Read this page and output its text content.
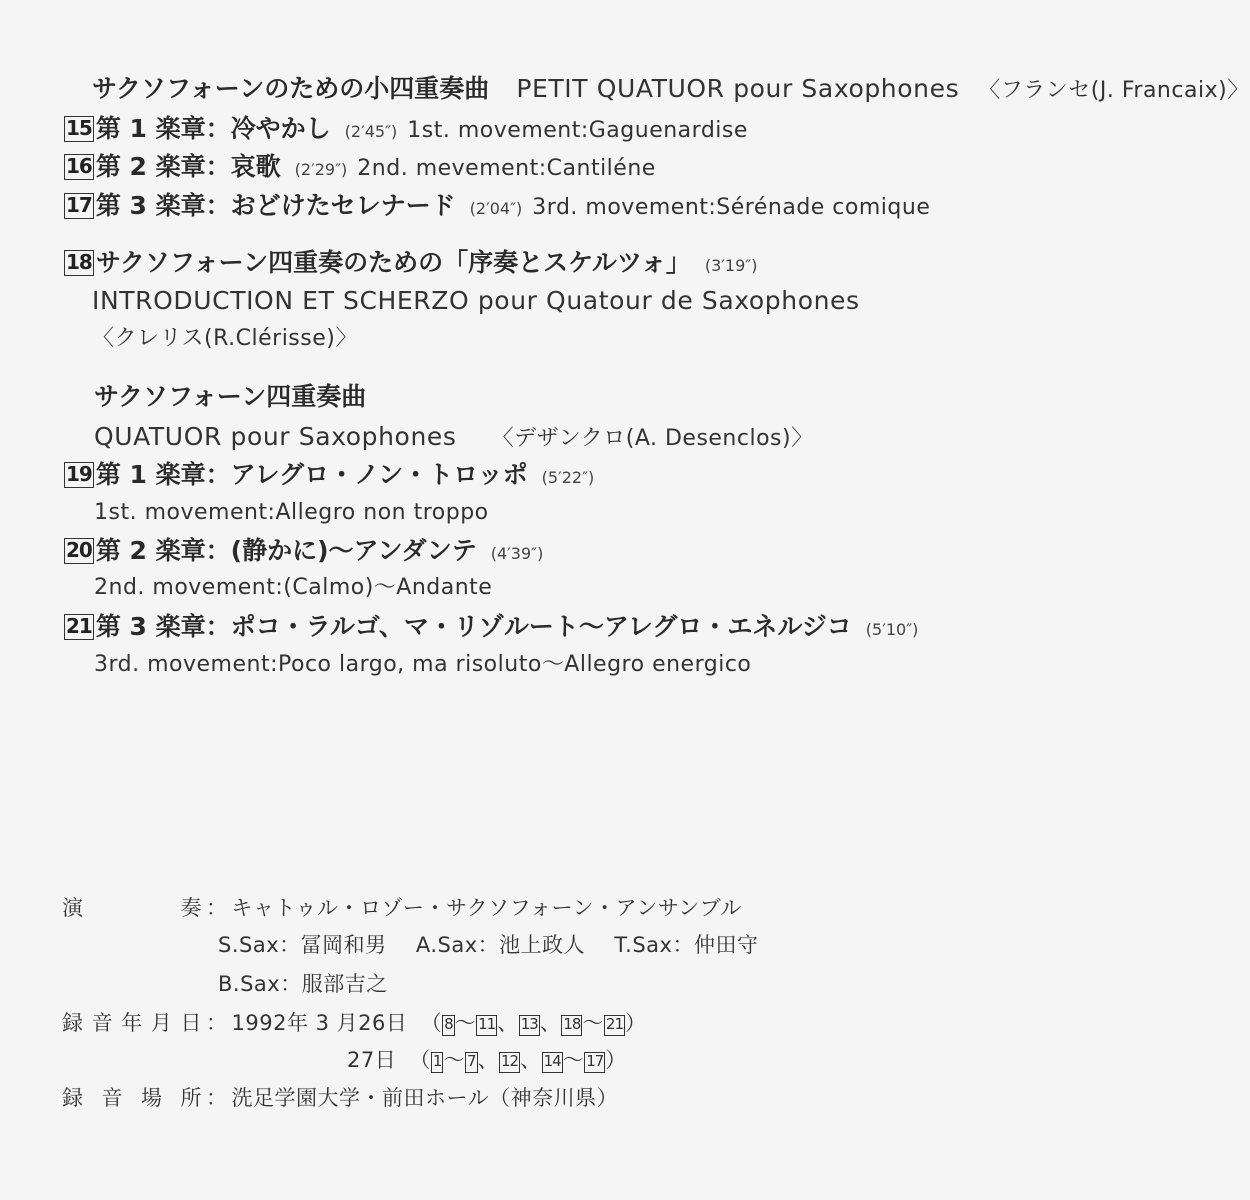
サクソフォーンのための小四重奏曲 PETIT QUATUOR pour Saxophones 〈フランセ(J. Francaix)〉
15 第 1 楽章：冷やかし (2′45″) 1st. movement:Gaguenardise
16 第 2 楽章：哀歌 (2′29″) 2nd. mevement:Cantiléne
17 第 3 楽章：おどけたセレナード (2′04″) 3rd. movement:Sérénade comique
18 サクソフォーン四重奏のための「序奏とスケルツォ」 (3′19″)
INTRODUCTION ET SCHERZO pour Quatour de Saxophones
〈クレリス(R.Clérisse)〉
サクソフォーン四重奏曲
QUATUOR pour Saxophones 〈デザンクロ(A. Desenclos)〉
19 第 1 楽章：アレグロ・ノン・トロッポ (5′22″)
1st. movement:Allegro non troppo
20 第 2 楽章：(静かに)～アンダンテ (4′39″)
2nd. movement:(Calmo)～Andante
21 第 3 楽章：ポコ・ラルゴ、マ・リゾルート～アレグロ・エネルジコ (5′10″)
3rd. movement:Poco largo, ma risoluto～Allegro energico
演奏 ： キャトゥル・ロゾー・サクソフォーン・アンサンブル
S.Sax：冨岡和男 A.Sax：池上政人 T.Sax：仲田守
B.Sax：服部吉之
録音年月日 ： 1992年 3 月26日 （ 8～ 11、 13、 18～ 21）
27日 （ 1～ 7、 12、 14～ 17）
録音場所 ： 洗足学園大学・前田ホール（神奈川県）
